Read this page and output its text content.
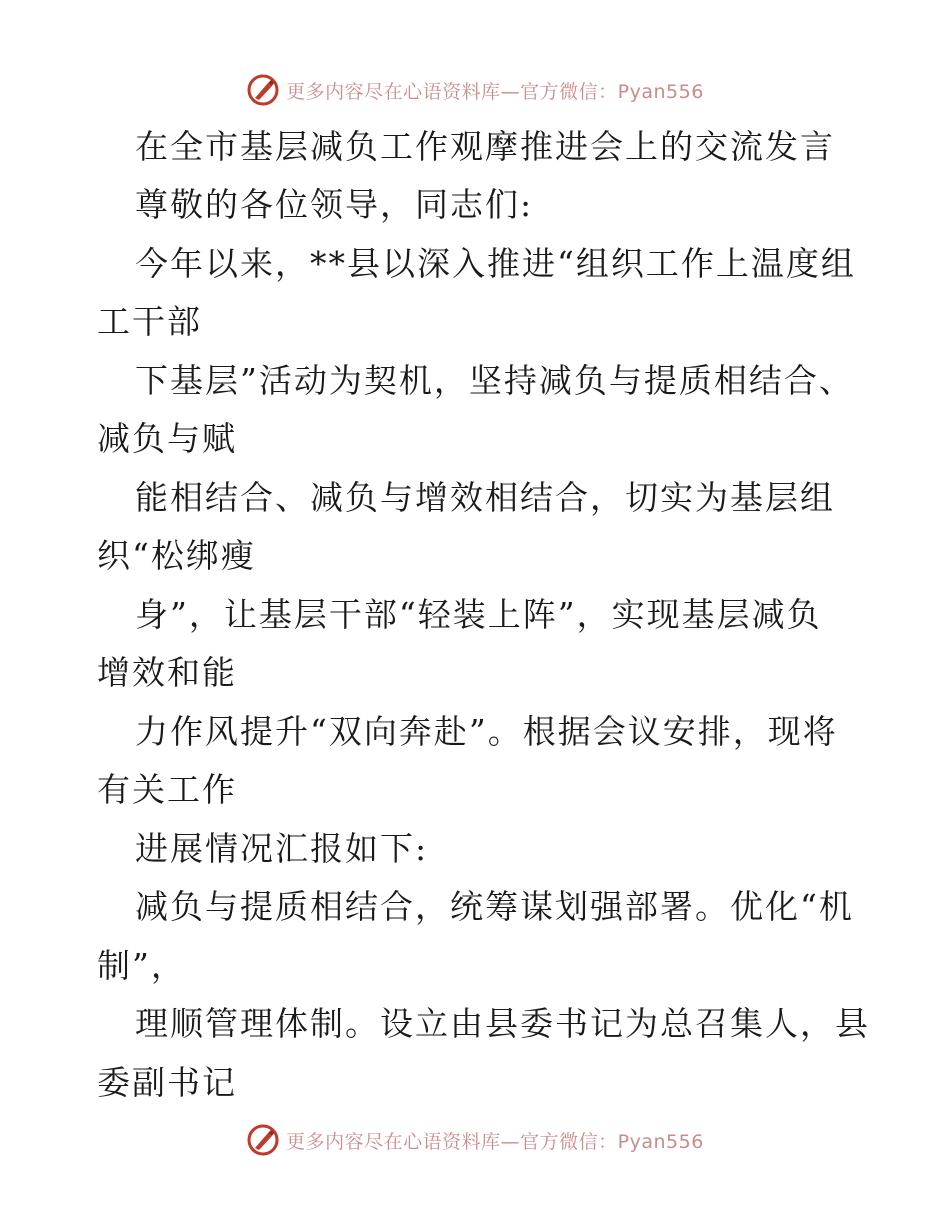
更多内容尽在心语资料库—官方微信：Pyan556
在全市基层减负工作观摩推进会上的交流发言
尊敬的各位领导，同志们:
今年以来，**县以深入推进“组织工作上温度组
工干部
下基层”活动为契机，坚持减负与提质相结合、
减负与赋
能相结合、减负与增效相结合，切实为基层组
织“松绑瘦
身”，让基层干部“轻装上阵”，实现基层减负
增效和能
力作风提升“双向奔赴”。根据会议安排，现将
有关工作
进展情况汇报如下:
减负与提质相结合，统筹谋划强部署。优化“机
制”，
理顺管理体制。设立由县委书记为总召集人，县
委副书记
更多内容尽在心语资料库—官方微信：Pyan556
